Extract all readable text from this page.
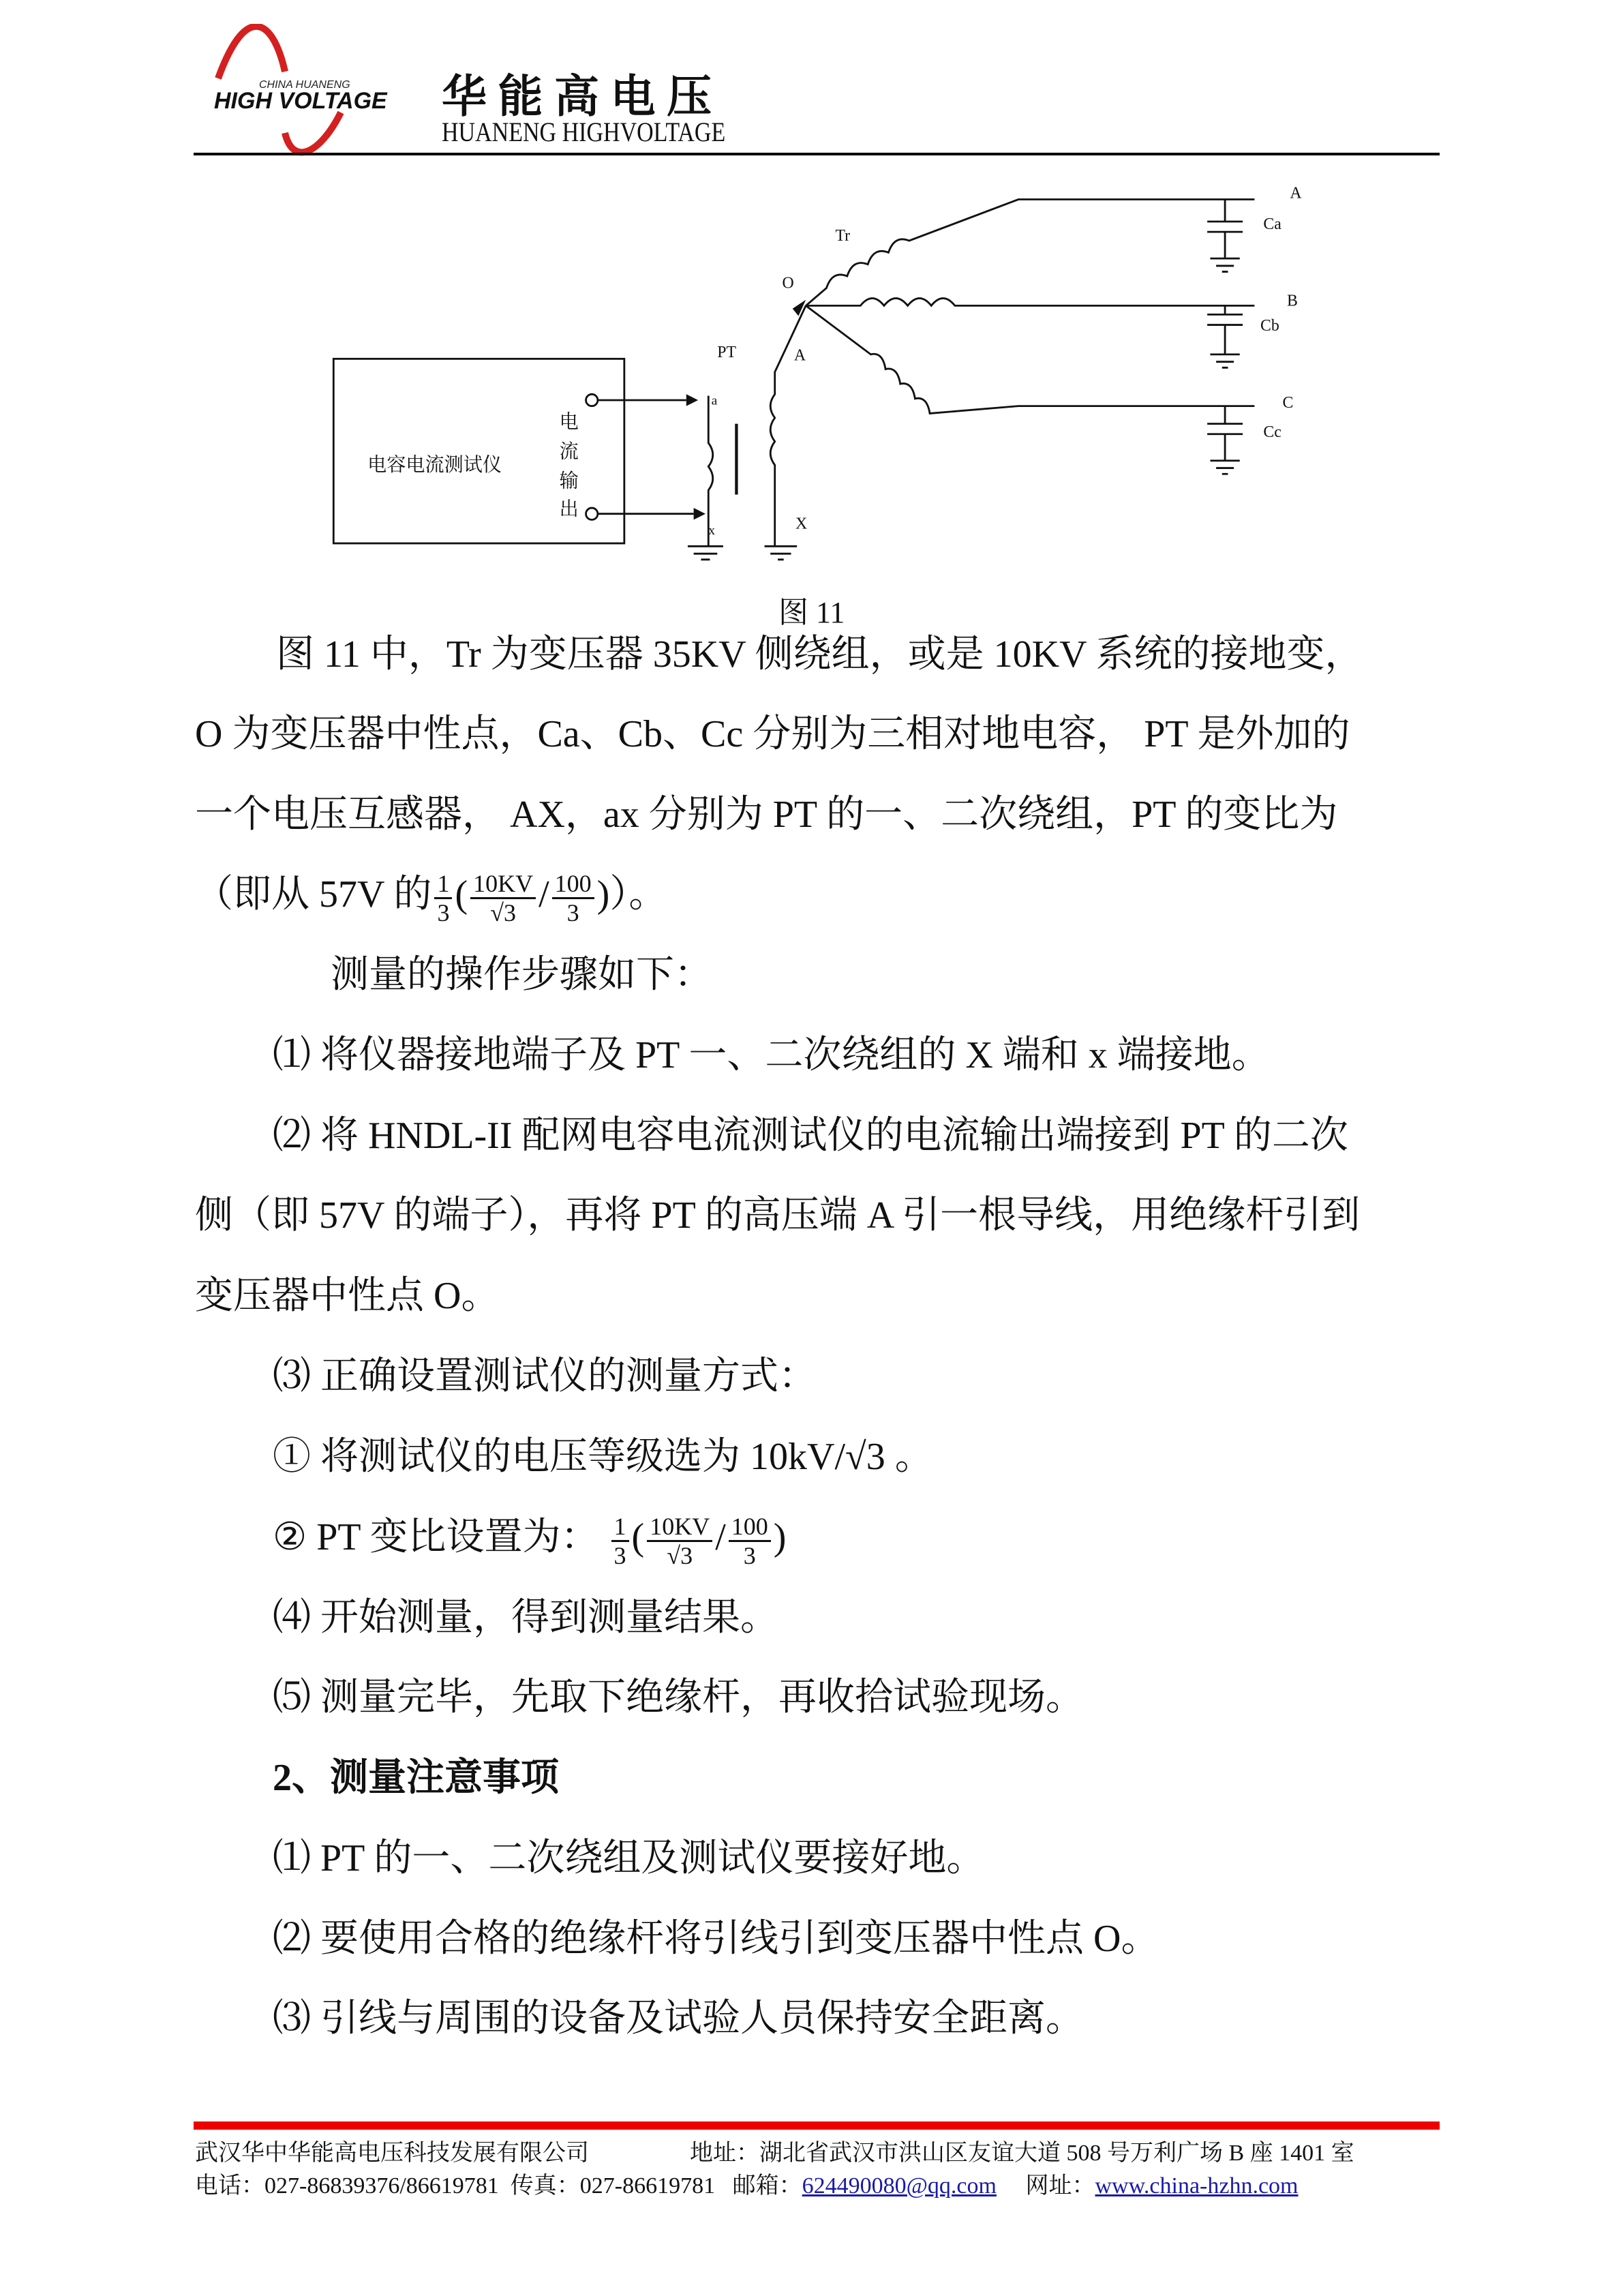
CHINA HUANENG
HIGH VOLTAGE 华 能 高 电 压
HUANENG HIGHVOLTAGE
电容电流测试仪
电
流
输
出
Tr
O
PT	A
X
a
x
A
B
C
Ca
Cb
Cc
图 11
图 11 中，Tr 为变压器 35KV 侧绕组，或是 10KV 系统的接地变，
O 为变压器中性点，Ca、Cb、Cc 分别为三相对地电容， PT 是外加的
一个电压互感器， AX，ax 分别为 PT 的一、二次绕组，PT 的变比为
（即从 57V 的 $\frac{1}{3}$ ( $\frac{10KV}{√3} / \frac{100}{3}$ )）。
测量的操作步骤如下：
⑴ 将仪器接地端子及 PT 一、二次绕组的 X 端和 x 端接地。
⑵ 将 HNDL-II 配网电容电流测试仪的电流输出端接到 PT 的二次
侧（即 57V 的端子），再将 PT 的高压端 A 引一根导线，用绝缘杆引到
变压器中性点 O。
⑶ 正确设置测试仪的测量方式：
① 将测试仪的电压等级选为 10kV/√3 。
② PT 变比设置为： $\frac{1}{3}$ ( $\frac{10KV}{√3} / \frac{100}{3}$ )
⑷ 开始测量，得到测量结果。
⑸ 测量完毕，先取下绝缘杆，再收拾试验现场。
2、测量注意事项
⑴ PT 的一、二次绕组及测试仪要接好地。
⑵ 要使用合格的绝缘杆将引线引到变压器中性点 O。
⑶ 引线与周围的设备及试验人员保持安全距离。
武汉华中华能高电压科技发展有限公司	地址：湖北省武汉市洪山区友谊大道 508 号万利广场 B 座 1401 室
电话：027-86839376/86619781 传真：027-86619781 邮箱：624490080@qq.com 网址：www.china-hzhn.com
